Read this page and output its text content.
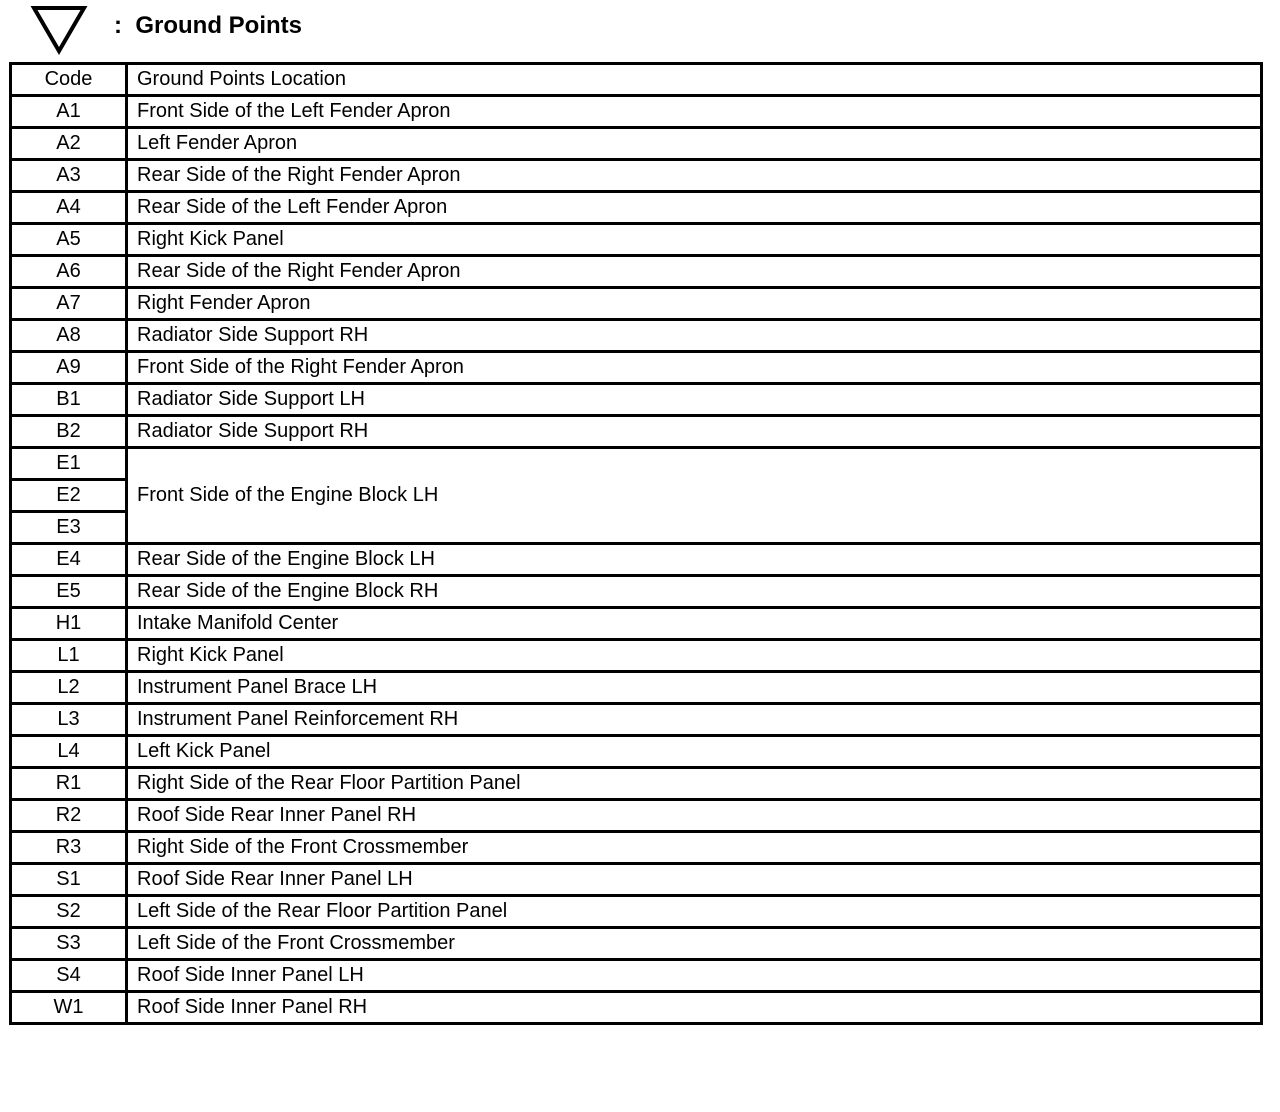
:  Ground Points
Code	Ground Points Location
A1	Front Side of the Left Fender Apron
A2	Left Fender Apron
A3	Rear Side of the Right Fender Apron
A4	Rear Side of the Left Fender Apron
A5	Right Kick Panel
A6	Rear Side of the Right Fender Apron
A7	Right Fender Apron
A8	Radiator Side Support RH
A9	Front Side of the Right Fender Apron
B1	Radiator Side Support LH
B2	Radiator Side Support RH
E1	Front Side of the Engine Block LH
E2	
E3	
E4	Rear Side of the Engine Block LH
E5	Rear Side of the Engine Block RH
H1	Intake Manifold Center
L1	Right Kick Panel
L2	Instrument Panel Brace LH
L3	Instrument Panel Reinforcement RH
L4	Left Kick Panel
R1	Right Side of the Rear Floor Partition Panel
R2	Roof Side Rear Inner Panel RH
R3	Right Side of the Front Crossmember
S1	Roof Side Rear Inner Panel LH
S2	Left Side of the Rear Floor Partition Panel
S3	Left Side of the Front Crossmember
S4	Roof Side Inner Panel LH
W1	Roof Side Inner Panel RH
